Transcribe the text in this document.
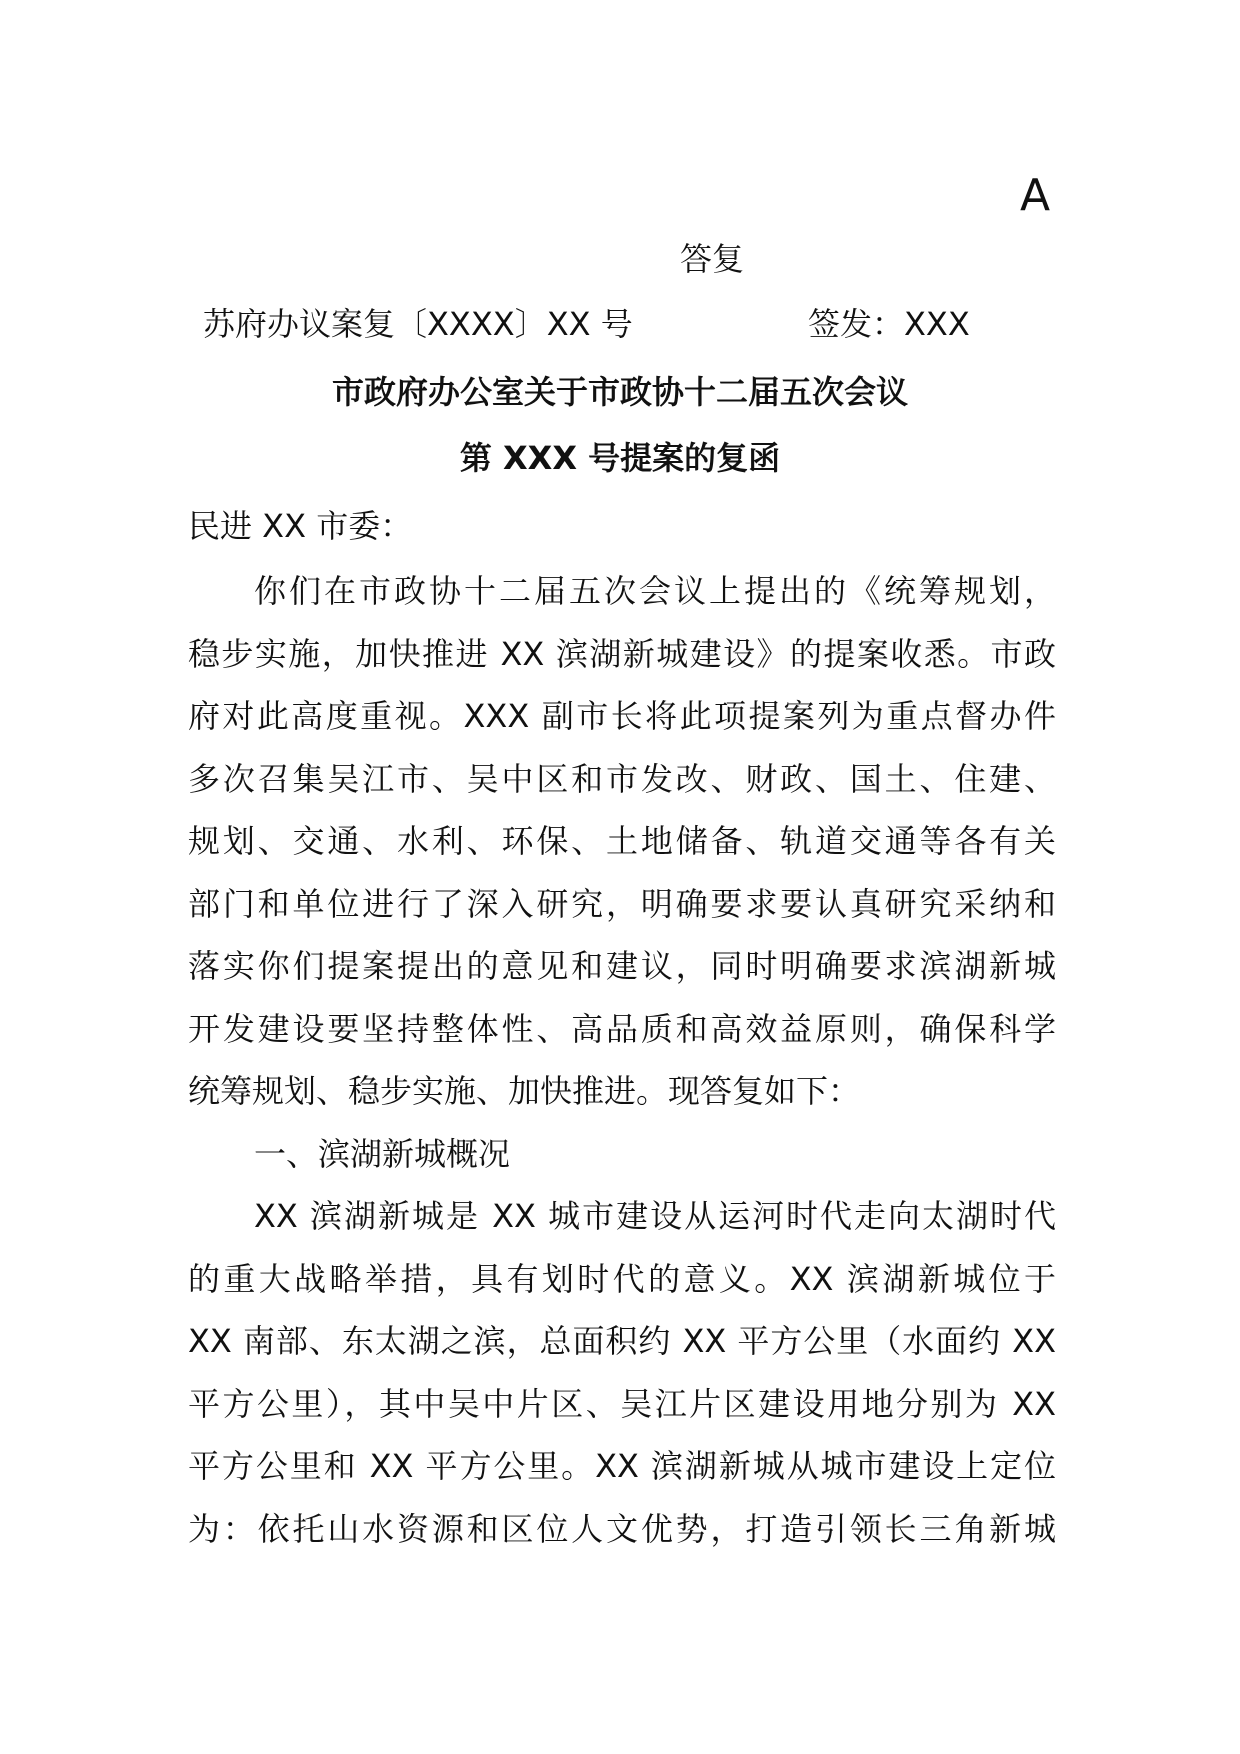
A
答复
苏府办议案复〔XXXX〕XX 号	签发：XXX
市政府办公室关于市政协十二届五次会议
第 XXX 号提案的复函
民进 XX 市委：
你们在市政协十二届五次会议上提出的《统筹规划，
稳步实施，加快推进 XX 滨湖新城建设》的提案收悉。市政
府对此高度重视。XXX 副市长将此项提案列为重点督办件
多次召集吴江市、吴中区和市发改、财政、国土、住建、
规划、交通、水利、环保、土地储备、轨道交通等各有关
部门和单位进行了深入研究，明确要求要认真研究采纳和
落实你们提案提出的意见和建议，同时明确要求滨湖新城
开发建设要坚持整体性、高品质和高效益原则，确保科学
统筹规划、稳步实施、加快推进。现答复如下：
一、滨湖新城概况
XX 滨湖新城是 XX 城市建设从运河时代走向太湖时代
的重大战略举措，具有划时代的意义。XX 滨湖新城位于
XX 南部、东太湖之滨，总面积约 XX 平方公里（水面约 XX
平方公里），其中吴中片区、吴江片区建设用地分别为 XX
平方公里和 XX 平方公里。XX 滨湖新城从城市建设上定位
为：依托山水资源和区位人文优势，打造引领长三角新城
